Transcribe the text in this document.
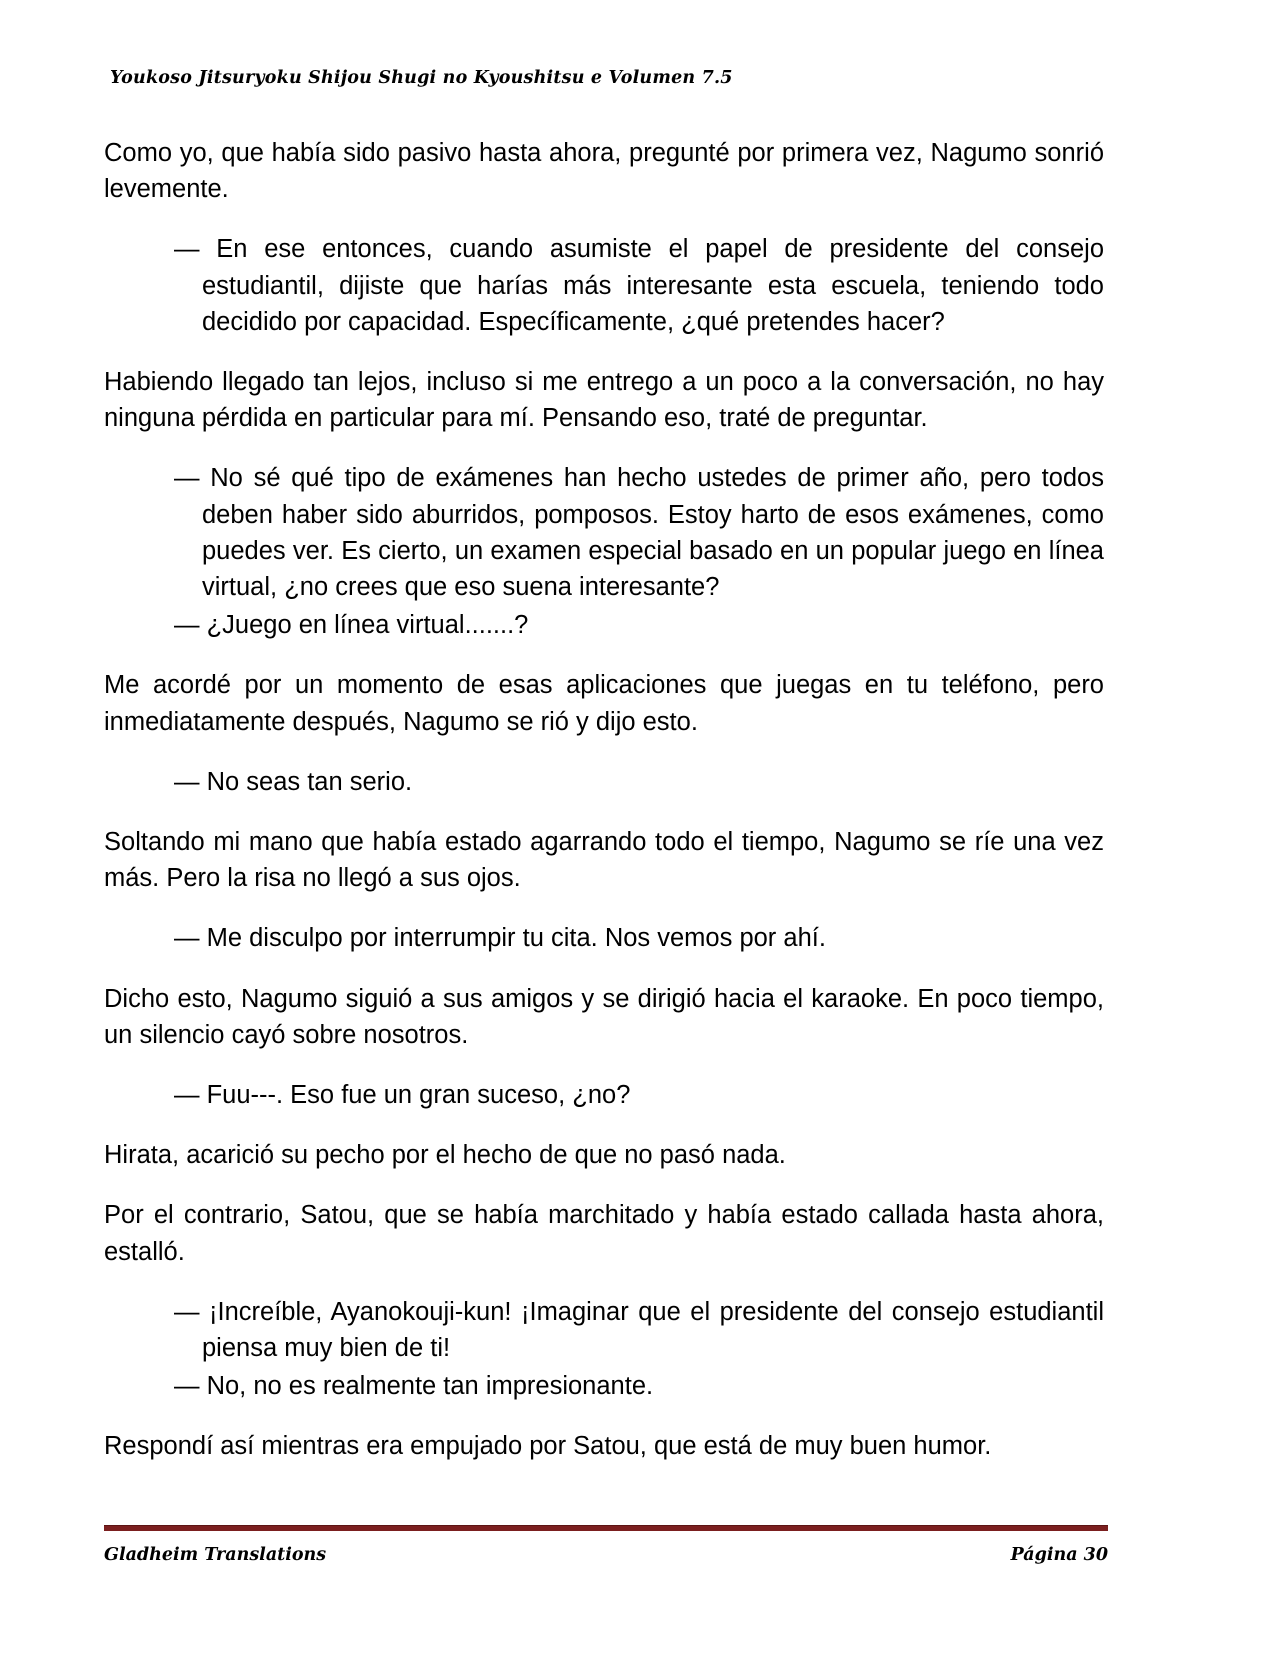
Youkoso Jitsuryoku Shijou Shugi no Kyoushitsu e Volumen 7.5

Como yo, que había sido pasivo hasta ahora, pregunté por primera vez, Nagumo sonrió levemente.

— En ese entonces, cuando asumiste el papel de presidente del consejo estudiantil, dijiste que harías más interesante esta escuela, teniendo todo decidido por capacidad. Específicamente, ¿qué pretendes hacer?

Habiendo llegado tan lejos, incluso si me entrego a un poco a la conversación, no hay ninguna pérdida en particular para mí. Pensando eso, traté de preguntar.

— No sé qué tipo de exámenes han hecho ustedes de primer año, pero todos deben haber sido aburridos, pomposos. Estoy harto de esos exámenes, como puedes ver. Es cierto, un examen especial basado en un popular juego en línea virtual, ¿no crees que eso suena interesante?

— ¿Juego en línea virtual.......?

Me acordé por un momento de esas aplicaciones que juegas en tu teléfono, pero inmediatamente después, Nagumo se rió y dijo esto.

— No seas tan serio.

Soltando mi mano que había estado agarrando todo el tiempo, Nagumo se ríe una vez más. Pero la risa no llegó a sus ojos.

— Me disculpo por interrumpir tu cita. Nos vemos por ahí.

Dicho esto, Nagumo siguió a sus amigos y se dirigió hacia el karaoke. En poco tiempo, un silencio cayó sobre nosotros.

— Fuu---. Eso fue un gran suceso, ¿no?

Hirata, acarició su pecho por el hecho de que no pasó nada.

Por el contrario, Satou, que se había marchitado y había estado callada hasta ahora, estalló.

— ¡Increíble, Ayanokouji-kun! ¡Imaginar que el presidente del consejo estudiantil piensa muy bien de ti!

— No, no es realmente tan impresionante.

Respondí así mientras era empujado por Satou, que está de muy buen humor.

Gladheim Translations	Página 30
